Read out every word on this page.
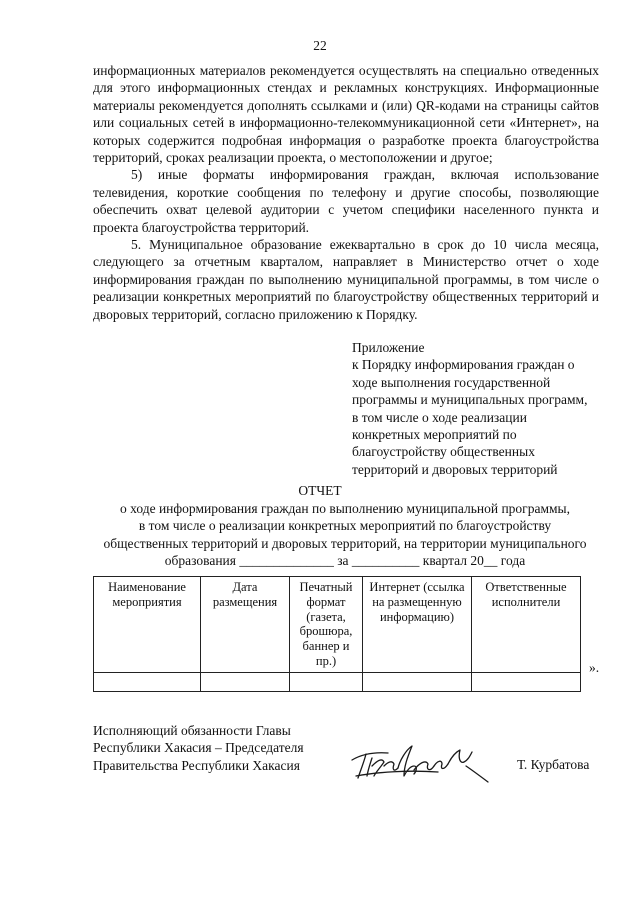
22

информационных материалов рекомендуется осуществлять на специально отведенных для этого информационных стендах и рекламных конструкциях. Информационные материалы рекомендуется дополнять ссылками и (или) QR-кодами на страницы сайтов или социальных сетей в информационно-телекоммуникационной сети «Интернет», на которых содержится подробная информация о разработке проекта благоустройства территорий, сроках реализации проекта, о местоположении и другое;

5) иные форматы информирования граждан, включая использование телевидения, короткие сообщения по телефону и другие способы, позволяющие обеспечить охват целевой аудитории с учетом специфики населенного пункта и проекта благоустройства территорий.

5. Муниципальное образование ежеквартально в срок до 10 числа месяца, следующего за отчетным кварталом, направляет в Министерство отчет о ходе информирования граждан по выполнению муниципальной программы, в том числе о реализации конкретных мероприятий по благоустройству общественных территорий и дворовых территорий, согласно приложению к Порядку.

Приложение
к Порядку информирования граждан о
ходе выполнения государственной
программы и муниципальных программ,
в том числе о ходе реализации
конкретных мероприятий по
благоустройству общественных
территорий и дворовых территорий
ОТЧЕТ
о ходе информирования граждан по выполнению муниципальной программы,
в том числе о реализации конкретных мероприятий по благоустройству
общественных территорий и дворовых территорий, на территории муниципального
образования ______________ за __________ квартал 20__ года
Наименование мероприятия	Дата размещения	Печатный формат (газета, брошюра, баннер и пр.)	Интернет (ссылка на размещенную информацию)	Ответственные исполнители

».
Исполняющий обязанности Главы
Республики Хакасия – Председателя
Правительства Республики Хакасия	Т. Курбатова
